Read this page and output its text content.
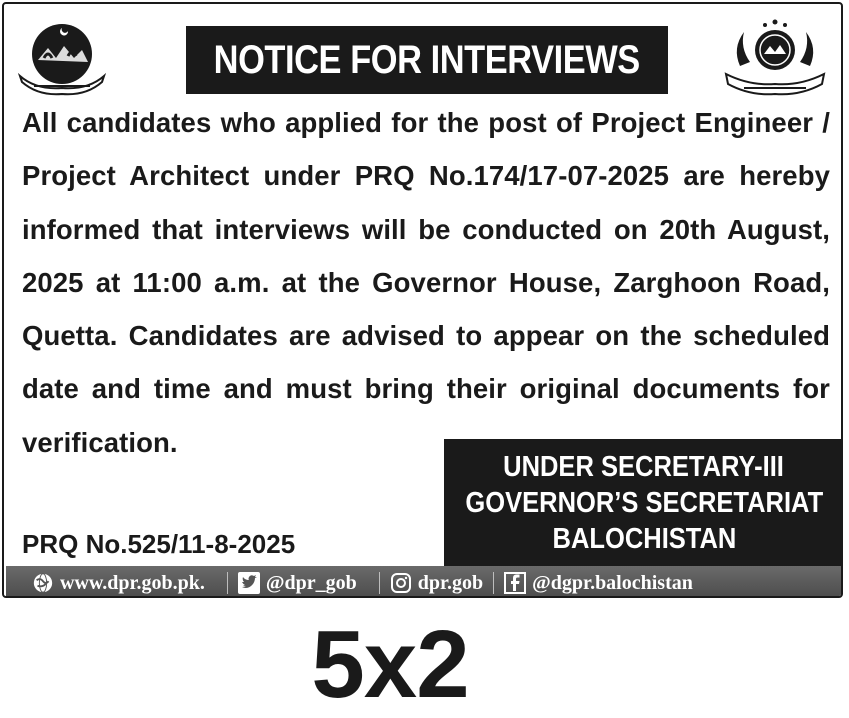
NOTICE FOR INTERVIEWS
All candidates who applied for the post of Project Engineer / Project Architect under PRQ No.174/17-07-2025 are hereby informed that interviews will be conducted on 20th August, 2025 at 11:00 a.m. at the Governor House, Zarghoon Road, Quetta. Candidates are advised to appear on the scheduled date and time and must bring their original documents for verification.
UNDER SECRETARY-III
GOVERNOR’S SECRETARIAT
BALOCHISTAN
PRQ No.525/11-8-2025
www.dpr.gob.pk.	@dpr_gob	dpr.gob @dgpr.balochistan
5x2
